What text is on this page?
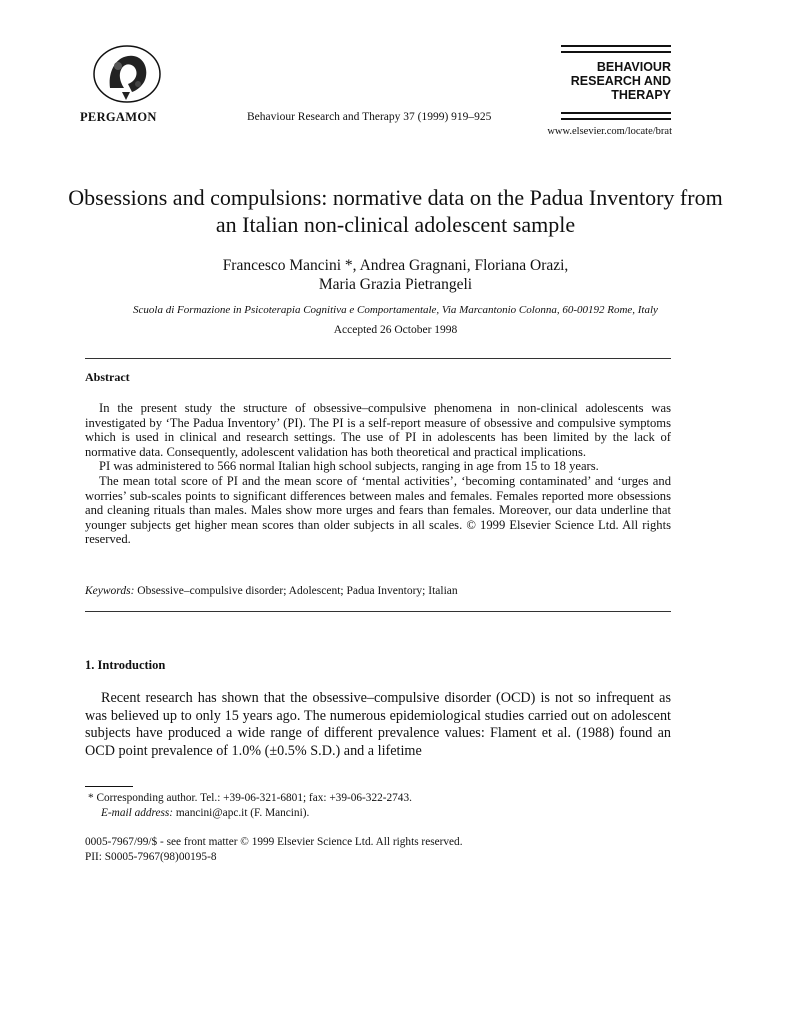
PERGAMON	Behaviour Research and Therapy 37 (1999) 919–925
BEHAVIOUR
RESEARCH AND
THERAPY
www.elsevier.com/locate/brat
Obsessions and compulsions: normative data on the Padua Inventory from an Italian non-clinical adolescent sample
Francesco Mancini *, Andrea Gragnani, Floriana Orazi,
Maria Grazia Pietrangeli
Scuola di Formazione in Psicoterapia Cognitiva e Comportamentale, Via Marcantonio Colonna, 60-00192 Rome, Italy
Accepted 26 October 1998
Abstract

In the present study the structure of obsessive–compulsive phenomena in non-clinical adolescents was investigated by ‘The Padua Inventory’ (PI). The PI is a self-report measure of obsessive and compulsive symptoms which is used in clinical and research settings. The use of PI in adolescents has been limited by the lack of normative data. Consequently, adolescent validation has both theoretical and practical implications.

PI was administered to 566 normal Italian high school subjects, ranging in age from 15 to 18 years.

The mean total score of PI and the mean score of ‘mental activities’, ‘becoming contaminated’ and ‘urges and worries’ sub-scales points to significant differences between males and females. Females reported more obsessions and cleaning rituals than males. Males show more urges and fears than females. Moreover, our data underline that younger subjects get higher mean scores than older subjects in all scales. © 1999 Elsevier Science Ltd. All rights reserved.

Keywords: Obsessive–compulsive disorder; Adolescent; Padua Inventory; Italian
1. Introduction

Recent research has shown that the obsessive–compulsive disorder (OCD) is not so infrequent as was believed up to only 15 years ago. The numerous epidemiological studies carried out on adolescent subjects have produced a wide range of different prevalence values: Flament et al. (1988) found an OCD point prevalence of 1.0% (±0.5% S.D.) and a lifetime

* Corresponding author. Tel.: +39-06-321-6801; fax: +39-06-322-2743.
E-mail address: mancini@apc.it (F. Mancini).
0005-7967/99/$ - see front matter © 1999 Elsevier Science Ltd. All rights reserved.
PII: S0005-7967(98)00195-8
